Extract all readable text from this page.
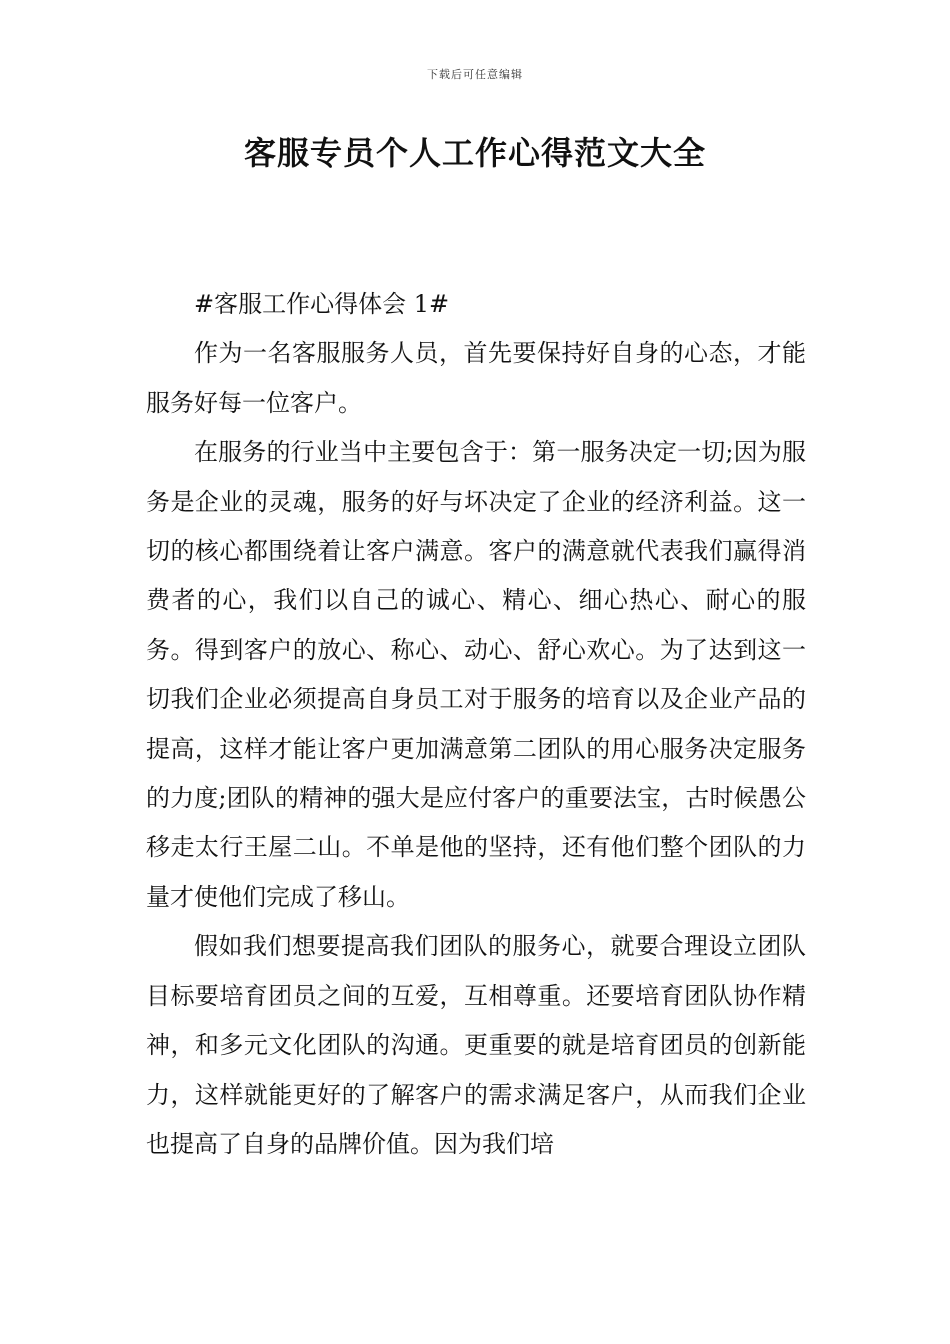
下载后可任意编辑
客服专员个人工作心得范文大全

#客服工作心得体会 1#

作为一名客服服务人员，首先要保持好自身的心态，才能服务好每一位客户。

在服务的行业当中主要包含于：第一服务决定一切;因为服务是企业的灵魂，服务的好与坏决定了企业的经济利益。这一切的核心都围绕着让客户满意。客户的满意就代表我们赢得消费者的心，我们以自己的诚心、精心、细心热心、耐心的服务。得到客户的放心、称心、动心、舒心欢心。为了达到这一切我们企业必须提高自身员工对于服务的培育以及企业产品的提高，这样才能让客户更加满意第二团队的用心服务决定服务的力度;团队的精神的强大是应付客户的重要法宝，古时候愚公移走太行王屋二山。不单是他的坚持，还有他们整个团队的力量才使他们完成了移山。

假如我们想要提高我们团队的服务心，就要合理设立团队目标要培育团员之间的互爱，互相尊重。还要培育团队协作精神，和多元文化团队的沟通。更重要的就是培育团员的创新能力，这样就能更好的了解客户的需求满足客户，从而我们企业也提高了自身的品牌价值。因为我们培
